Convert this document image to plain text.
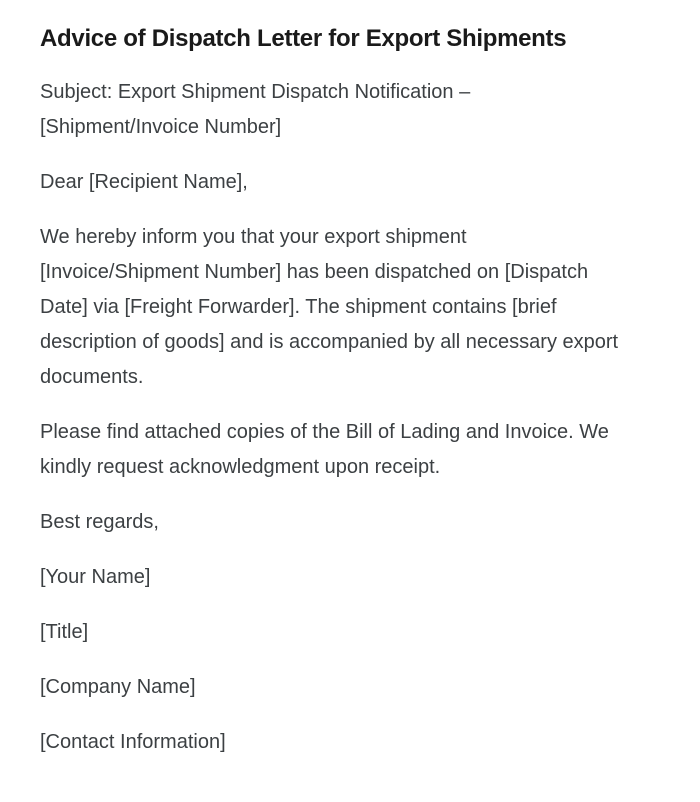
Advice of Dispatch Letter for Export Shipments

Subject: Export Shipment Dispatch Notification – [Shipment/Invoice Number]

Dear [Recipient Name],

We hereby inform you that your export shipment [Invoice/Shipment Number] has been dispatched on [Dispatch Date] via [Freight Forwarder]. The shipment contains [brief description of goods] and is accompanied by all necessary export documents.

Please find attached copies of the Bill of Lading and Invoice. We kindly request acknowledgment upon receipt.

Best regards,

[Your Name]

[Title]

[Company Name]

[Contact Information]
